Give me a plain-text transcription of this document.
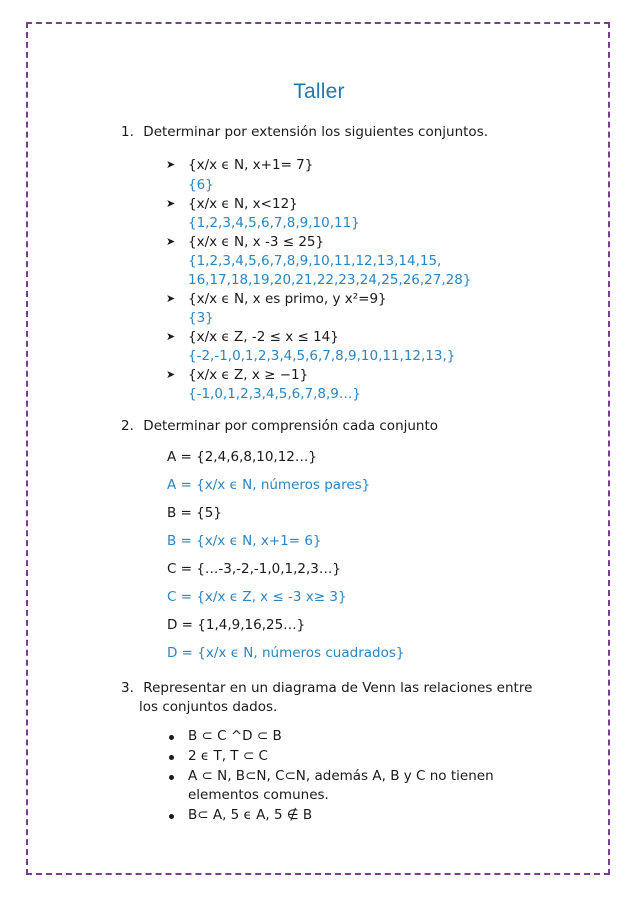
Taller
1. Determinar por extensión los siguientes conjuntos.
➤ {x/x ϵ N, x+1= 7}
{6}
➤ {x/x ϵ N, x<12}
{1,2,3,4,5,6,7,8,9,10,11}
➤ {x/x ϵ N, x -3 ≤ 25}
{1,2,3,4,5,6,7,8,9,10,11,12,13,14,15,
16,17,18,19,20,21,22,23,24,25,26,27,28}
➤ {x/x ϵ N, x es primo, y x²=9}
{3}
➤ {x/x ϵ Z, -2 ≤ x ≤ 14}
{-2,-1,0,1,2,3,4,5,6,7,8,9,10,11,12,13,}
➤ {x/x ϵ Z, x ≥ −1}
{-1,0,1,2,3,4,5,6,7,8,9…}
2. Determinar por comprensión cada conjunto
A = {2,4,6,8,10,12…}
A = {x/x ϵ N, números pares}
B = {5}
B = {x/x ϵ N, x+1= 6}
C = {…-3,-2,-1,0,1,2,3…}
C = {x/x ϵ Z, x ≤ -3 x≥ 3}
D = {1,4,9,16,25…}
D = {x/x ϵ N, números cuadrados}
3. Representar en un diagrama de Venn las relaciones entre
los conjuntos dados.
B ⊂ C ^D ⊂ B
2 ϵ T, T ⊂ C
A ⊂ N, B⊂N, C⊂N, además A, B y C no tienen
elementos comunes.
B⊂ A, 5 ϵ A, 5 ∉ B
